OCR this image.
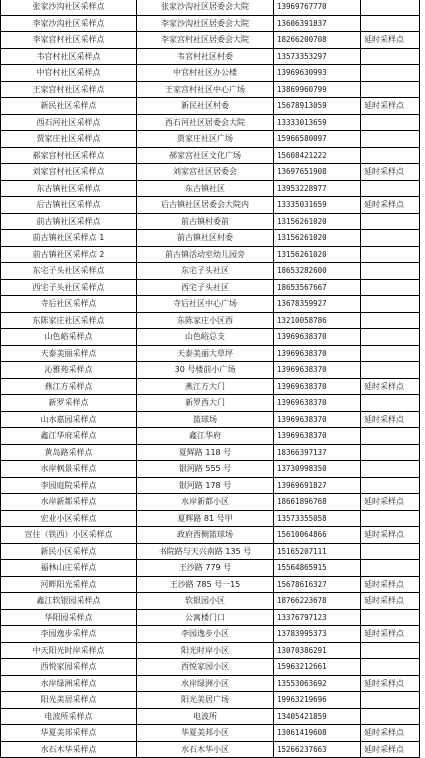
张家沙沟社区采样点	张家沙沟社区居委会大院	13969767770	
李家沙沟社区采样点	李家沙沟社区居委会大院	13606391837	
李家宫村社区采样点	李家宫村社区居委会大院	18266200708	延时采样点
韦官村社区采样点	韦官村社区村委	13573353297	
中官村社区采样点	中官村社区办公楼	13969630993	
王家宫村社区采样点	王家宫村社区中心广场	13869960799	
新民社区采样点	新民社区村委	15678913059	延时采样点
西石河社区采样点	西石河社区居委会大院	13333013659	
贾家庄社区采样点	贾家庄社区广场	15966580097	
郝家宫村社区采样点	郝家宫社区文化广场	15608421222	
刘家宫村社区采样点	刘家宫社区居委会	13697651908	延时采样点
东古镇社区采样点	东古镇社区	13953228977	
后古镇社区采样点	后古镇社区居委会大院内	13335031659	延时采样点
前古镇社区采样点	前古镇村委前	13156261020	
前古镇社区采样点 1	前古镇社区村委	13156261020	
前古镇社区采样点 2	前古镇活动室幼儿园旁	13156261020	
东宅子头社区采样点	东宅子头社区	18653282600	
西宅子头社区采样点	西宅子头社区	18653567667	
寺后社区采样点	寺后社区中心广场	13678359927	
东陈家庄社区采样点	东陈家庄小区西	13210058786	
山色峪采样点	山色峪总支	13969638370	
天泰美丽采样点	天泰美丽大草坪	13969638370	
沁雅苑采样点	30 号楼前小广场	13969638370	
燕江方采样点	燕江方大门	13969638370	延时采样点
新罗采样点	新罗西大门	13969638370	
山水嘉园采样点	篮球场	13969638370	延时采样点
鑫江华府采样点	鑫江华府	13969638370	
黄岛路采样点	夏辉路 118 号	18366397137	
水岸枫景采样点	银河路 555 号	13730998350	
李园庭院采样点	银河路 178 号	13969691827	
水岸新都采样点	水岸新都小区	18661896768	延时采样点
宏业小区采样点	夏辉路 81 号甲	13573355058	
宣住（铁西）小区采样点	政府西侧篮球场	15610064866	延时采样点
新民小区采样点	书院路与天兴南路 135 号	15165207111	
福林山庄采样点	王沙路 779 号	15564865915	
河畔阳光采样点	王沙路 785 号一15	15678616327	延时采样点
鑫江软银园采样点	软银园小区	18766223678	延时采样点
华阳园采样点	公寓楼门口	13376797123	
李园逸步采样点	李园逸步小区	13783995373	延时采样点
中天阳光时岸采样点	阳光时岸小区	13070386291	
西悦家园采样点	西悦家园小区	15963212661	
水岸绿洲采样点	水岸绿洲小区	13553063692	延时采样点
阳光美居采样点	阳光美居广场	19963219696	
电波所采样点	电波所	13405421859	
华夏美邦采样点	华夏美邦小区	13061419608	延时采样点
水石木华采样点	水石木华小区	15266237663	延时采样点
